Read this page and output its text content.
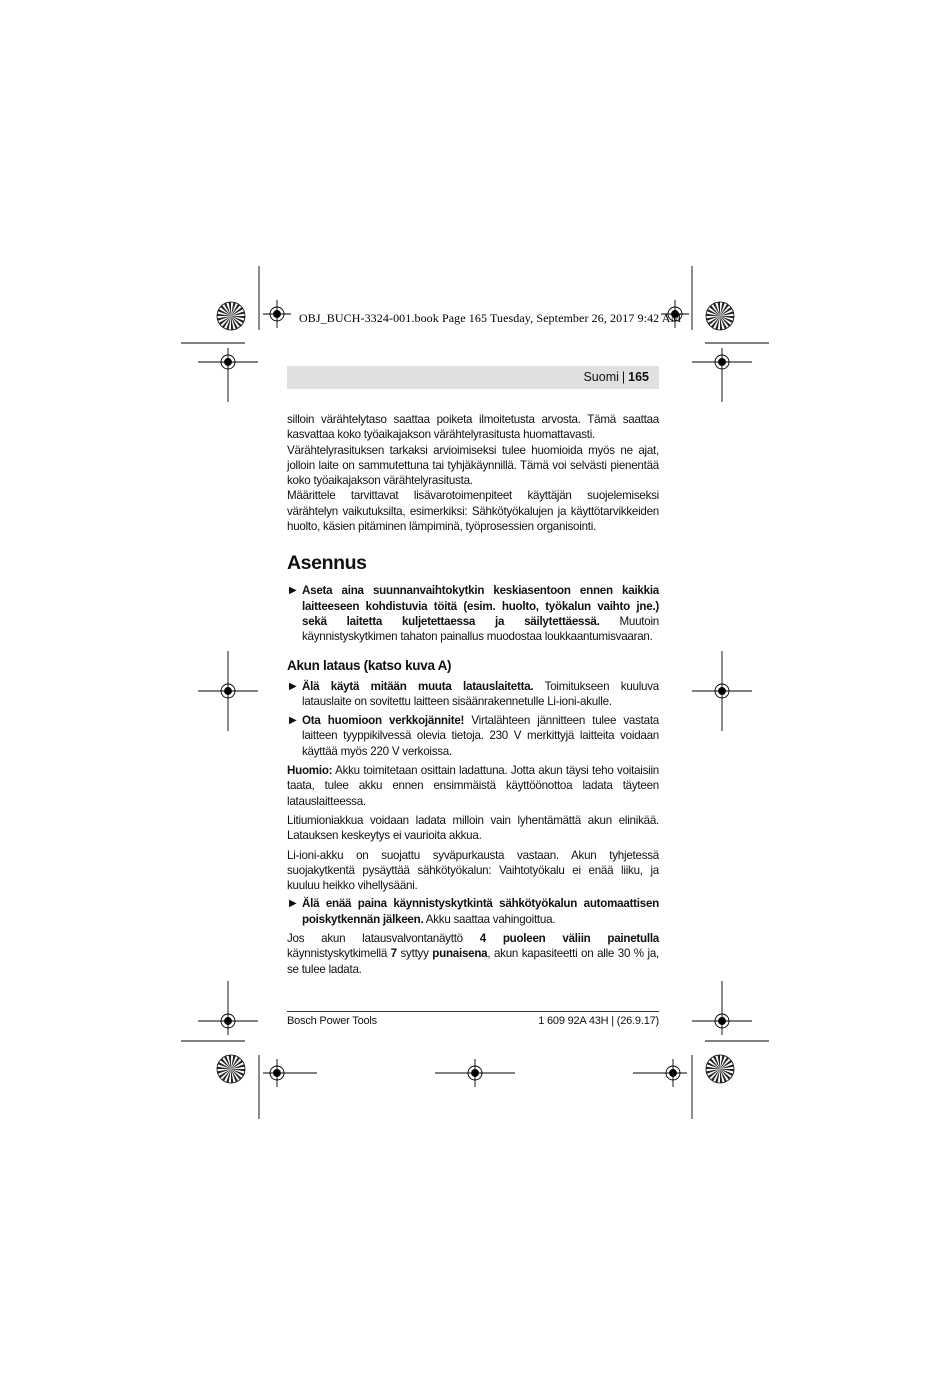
OBJ_BUCH-3324-001.book Page 165 Tuesday, September 26, 2017 9:42 AM
Suomi | 165

silloin värähtelytaso saattaa poiketa ilmoitetusta arvosta. Tämä saattaa kasvattaa koko työaikajakson värähtelyrasitusta huomattavasti.

Värähtelyrasituksen tarkaksi arvioimiseksi tulee huomioida myös ne ajat, jolloin laite on sammutettuna tai tyhjäkäynnillä. Tämä voi selvästi pienentää koko työaikajakson värähtelyrasitusta.

Määrittele tarvittavat lisävarotoimenpiteet käyttäjän suojelemiseksi värähtelyn vaikutuksilta, esimerkiksi: Sähkötyökalujen ja käyttötarvikkeiden huolto, käsien pitäminen lämpiminä, työprosessien organisointi.

Asennus
▶ Aseta aina suunnanvaihtokytkin keskiasentoon ennen kaikkia laitteeseen kohdistuvia töitä (esim. huolto, työkalun vaihto jne.) sekä laitetta kuljetettaessa ja säilytettäessä. Muutoin käynnistyskytkimen tahaton painallus muodostaa loukkaantumisvaaran.
Akun lataus (katso kuva A)
▶ Älä käytä mitään muuta latauslaitetta. Toimitukseen kuuluva latauslaite on sovitettu laitteen sisäänrakennetulle Li-ioni-akulle.
▶ Ota huomioon verkkojännite! Virtalähteen jännitteen tulee vastata laitteen tyyppikilvessä olevia tietoja. 230 V merkittyjä laitteita voidaan käyttää myös 220 V verkoissa.

Huomio: Akku toimitetaan osittain ladattuna. Jotta akun täysi teho voitaisiin taata, tulee akku ennen ensimmäistä käyttöönottoa ladata täyteen latauslaitteessa.

Litiumioniakkua voidaan ladata milloin vain lyhentämättä akun elinikää. Latauksen keskeytys ei vaurioita akkua.

Li-ioni-akku on suojattu syväpurkausta vastaan. Akun tyhjetessä suojakytkentä pysäyttää sähkötyökalun: Vaihtotyökalu ei enää liiku, ja kuuluu heikko vihellysääni.

▶ Älä enää paina käynnistyskytkintä sähkötyökalun automaattisen poiskytkennän jälkeen. Akku saattaa vahingoittua.

Jos akun latausvalvontanäyttö 4 puoleen väliin painetulla käynnistyskytkimellä 7 syttyy punaisena, akun kapasiteetti on alle 30 % ja, se tulee ladata.

Bosch Power Tools	1 609 92A 43H | (26.9.17)
